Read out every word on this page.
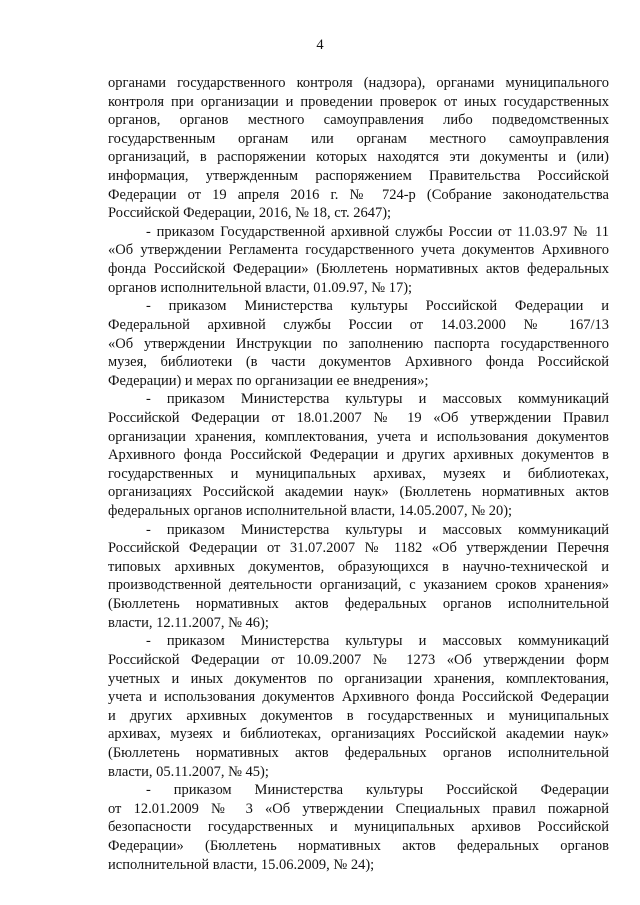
4
органами государственного контроля (надзора), органами муниципального
контроля при организации и проведении проверок от иных государственных
органов, органов местного самоуправления либо подведомственных
государственным органам или органам местного самоуправления
организаций, в распоряжении которых находятся эти документы и (или)
информация, утвержденным распоряжением Правительства Российской
Федерации от 19 апреля 2016 г. № 724-р (Собрание законодательства
Российской Федерации, 2016, № 18, ст. 2647);
- приказом Государственной архивной службы России от 11.03.97 № 11
«Об утверждении Регламента государственного учета документов Архивного
фонда Российской Федерации» (Бюллетень нормативных актов федеральных
органов исполнительной власти, 01.09.97, № 17);
- приказом Министерства культуры Российской Федерации и
Федеральной архивной службы России от 14.03.2000 № 167/13
«Об утверждении Инструкции по заполнению паспорта государственного
музея, библиотеки (в части документов Архивного фонда Российской
Федерации) и мерах по организации ее внедрения»;
- приказом Министерства культуры и массовых коммуникаций
Российской Федерации от 18.01.2007 № 19 «Об утверждении Правил
организации хранения, комплектования, учета и использования документов
Архивного фонда Российской Федерации и других архивных документов в
государственных и муниципальных архивах, музеях и библиотеках,
организациях Российской академии наук» (Бюллетень нормативных актов
федеральных органов исполнительной власти, 14.05.2007, № 20);
- приказом Министерства культуры и массовых коммуникаций
Российской Федерации от 31.07.2007 № 1182 «Об утверждении Перечня
типовых архивных документов, образующихся в научно-технической и
производственной деятельности организаций, с указанием сроков хранения»
(Бюллетень нормативных актов федеральных органов исполнительной
власти, 12.11.2007, № 46);
- приказом Министерства культуры и массовых коммуникаций
Российской Федерации от 10.09.2007 № 1273 «Об утверждении форм
учетных и иных документов по организации хранения, комплектования,
учета и использования документов Архивного фонда Российской Федерации
и других архивных документов в государственных и муниципальных
архивах, музеях и библиотеках, организациях Российской академии наук»
(Бюллетень нормативных актов федеральных органов исполнительной
власти, 05.11.2007, № 45);
- приказом Министерства культуры Российской Федерации
от 12.01.2009 № 3 «Об утверждении Специальных правил пожарной
безопасности государственных и муниципальных архивов Российской
Федерации» (Бюллетень нормативных актов федеральных органов
исполнительной власти, 15.06.2009, № 24);
